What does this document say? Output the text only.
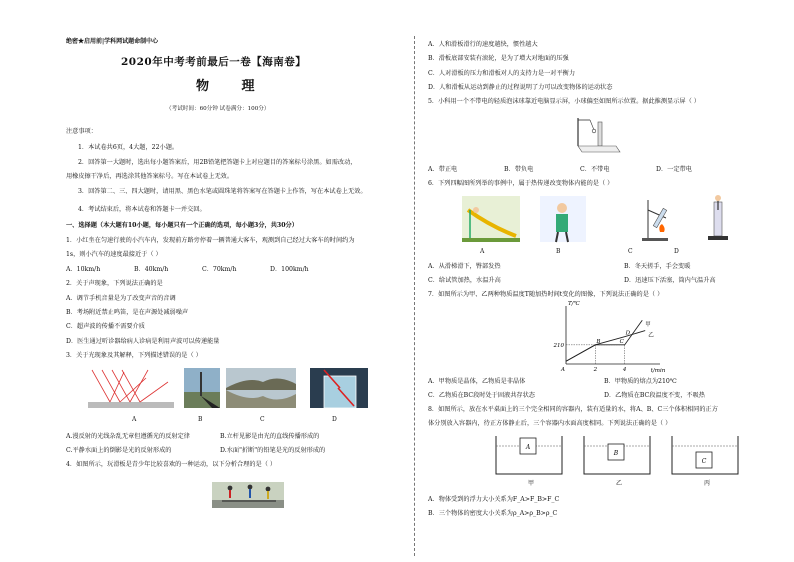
绝密★启用前|学科网试题命制中心
2020年中考考前最后一卷【海南卷】
物 理
（考试时间：60分钟 试卷满分：100分）
注意事项：
1．本试卷共6页，4大题，22小题。
2．回答第一大题时，选出每小题答案后，用2B铅笔把答题卡上对应题目的答案标号涂黑。如需改动，
用橡皮擦干净后，再选涂其他答案标号。写在本试卷上无效。
3．回答第二、三、四大题时，请用黑、黑色水笔或圆珠笔将答案写在答题卡上作答，写在本试卷上无效。
4．考试结束后，将本试卷和答题卡一并交回。
一、选择题（本大题有10小题，每小题只有一个正确的选项，每小题3分，共30分）
1．小红坐在匀速行驶的小汽车内，发现前方路旁停着一辆普通大客车，观测到自己经过大客车的时间约为
1s，则小汽车的速度最接近于（ ）
A．10km/h	B．40km/h	C．70km/h	D．100km/h
2．关于声现象，下列说法正确的是
A．调节手机音量是为了改变声音的音调
B．考场附近禁止鸣笛，是在声源处减弱噪声
C．超声波的传播不需要介质
D．医生通过听诊器给病人诊病是利用声波可以传递能量
3．关于光现象及其解释，下列描述错误的是（ ）
A	B	C	D
A.漫反射的光线杂乱无章但遵循光的反射定律	B.立杆见影是由光的直线传播形成的
C.平静水面上的倒影是光的反射形成的	D.水面"折断"的铅笔是光的反射形成的
4．如图所示，玩滑板是青少年比较喜欢的一种运动，以下分析合理的是（ ）
A．人和滑板滑行的速度越快，惯性越大
B．滑板底部安装有滚轮，是为了增大对地面的压强
C．人对滑板的压力和滑板对人的支持力是一对平衡力
D．人和滑板从运动到静止的过程说明了力可以改变物体的运动状态
5．小科用一个不带电的轻质泡沫球靠近电脑显示屏，小球偏至如图所示位置。据此推测显示屏（ ）
A．带正电	B．带负电	C．不带电	D．一定带电
6．下列四幅图所列举的事例中，属于热传递改变物体内能的是（ ）
A	B	C	D
A．从滑梯滑下，臀部发热	B．冬天搓手，手会变暖
C．给试管加热，水温升高	D．迅速压下活塞，筒内气温升高
7．如图所示为甲、乙两种物质温度T随加热时间t变化的图像，下列说法正确的是（ ）
t/min
T/℃
A	2	4
210
甲
乙
B	C
D
A．甲物质是晶体，乙物质是非晶体	B．甲物质的熔点为210℃
C．乙物质在BC段时处于固液共存状态	D．乙物质在BC段温度不变，不吸热
8．如图所示，放在水平桌面上的三个完全相同的容器内，装有适量的水，将A、B、C三个体积相同的正方
体分别放入容器内，待正方体静止后，三个容器内水面高度相同。下列说法正确的是（ ）
A
B
C
甲	乙	丙
A．物体受到的浮力大小关系为F_A>F_B>F_C
B．三个物体的密度大小关系为ρ_A>ρ_B>ρ_C
